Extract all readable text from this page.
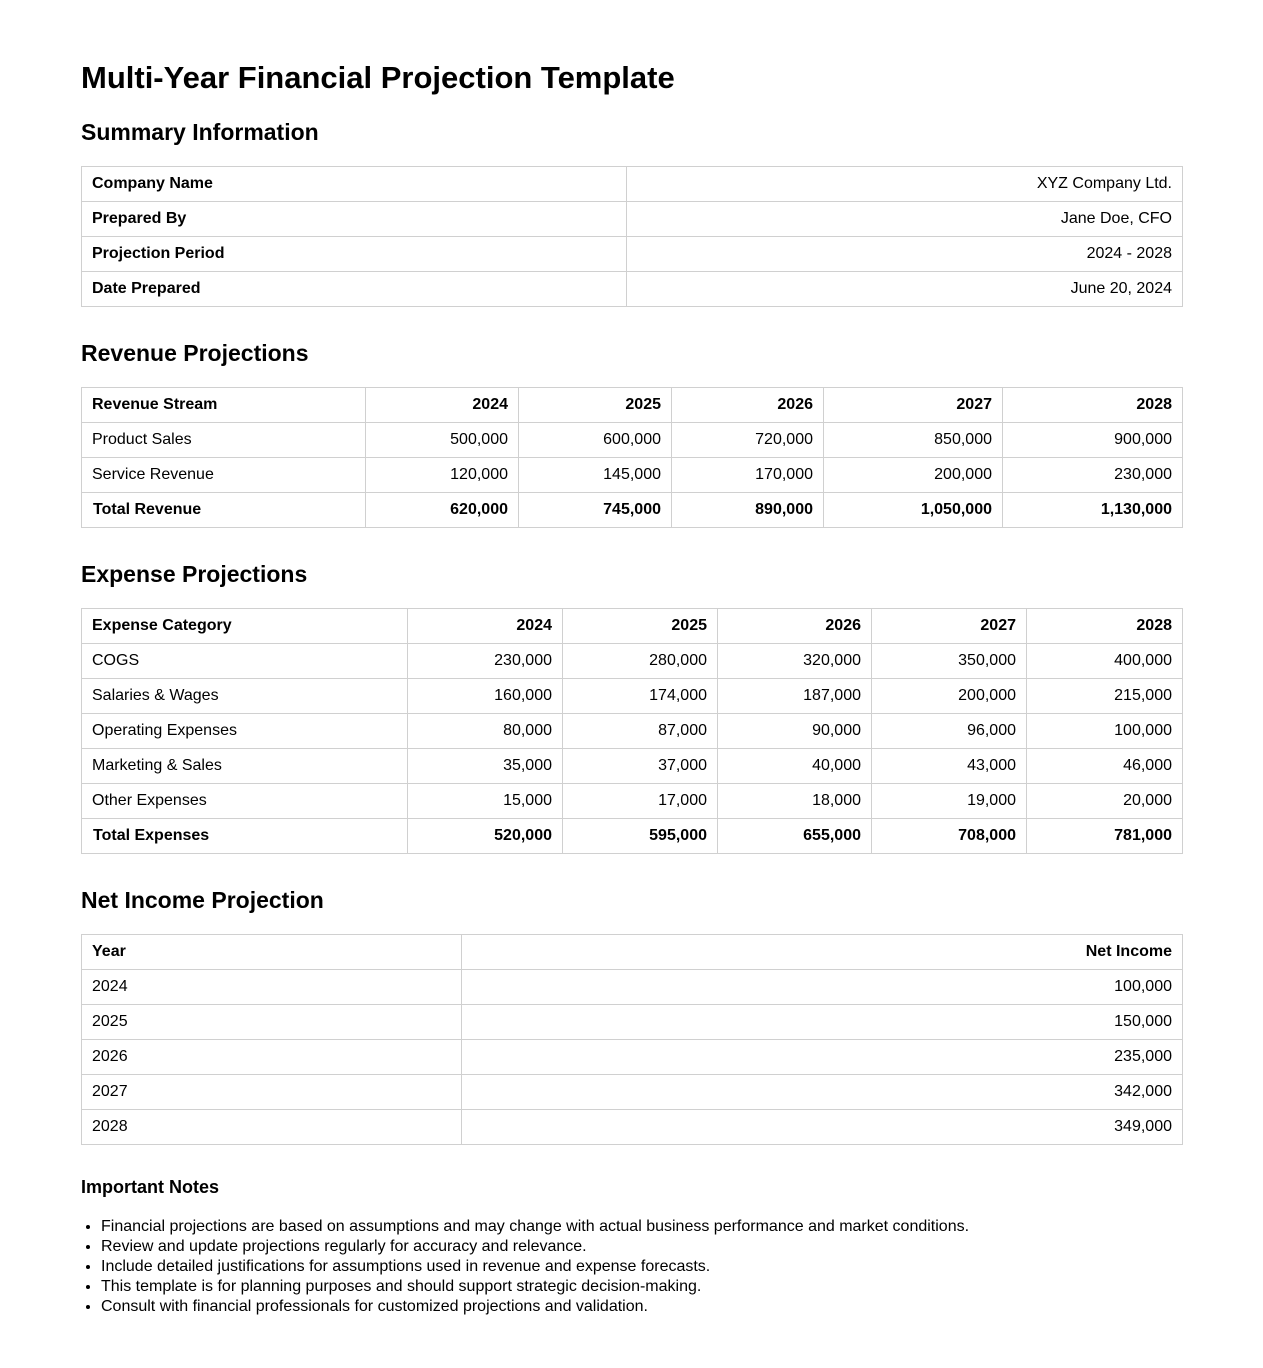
Multi-Year Financial Projection Template
Summary Information
Company Name	XYZ Company Ltd.
Prepared By	Jane Doe, CFO
Projection Period	2024 - 2028
Date Prepared	June 20, 2024
Revenue Projections
Revenue Stream	2024	2025	2026	2027	2028
Product Sales	500,000	600,000	720,000	850,000	900,000
Service Revenue	120,000	145,000	170,000	200,000	230,000
Total Revenue	620,000	745,000	890,000	1,050,000	1,130,000
Expense Projections
Expense Category	2024	2025	2026	2027	2028
COGS	230,000	280,000	320,000	350,000	400,000
Salaries & Wages	160,000	174,000	187,000	200,000	215,000
Operating Expenses	80,000	87,000	90,000	96,000	100,000
Marketing & Sales	35,000	37,000	40,000	43,000	46,000
Other Expenses	15,000	17,000	18,000	19,000	20,000
Total Expenses	520,000	595,000	655,000	708,000	781,000
Net Income Projection
Year	Net Income
2024	100,000
2025	150,000
2026	235,000
2027	342,000
2028	349,000
Important Notes
• Financial projections are based on assumptions and may change with actual business performance and market conditions.
• Review and update projections regularly for accuracy and relevance.
• Include detailed justifications for assumptions used in revenue and expense forecasts.
• This template is for planning purposes and should support strategic decision-making.
• Consult with financial professionals for customized projections and validation.
